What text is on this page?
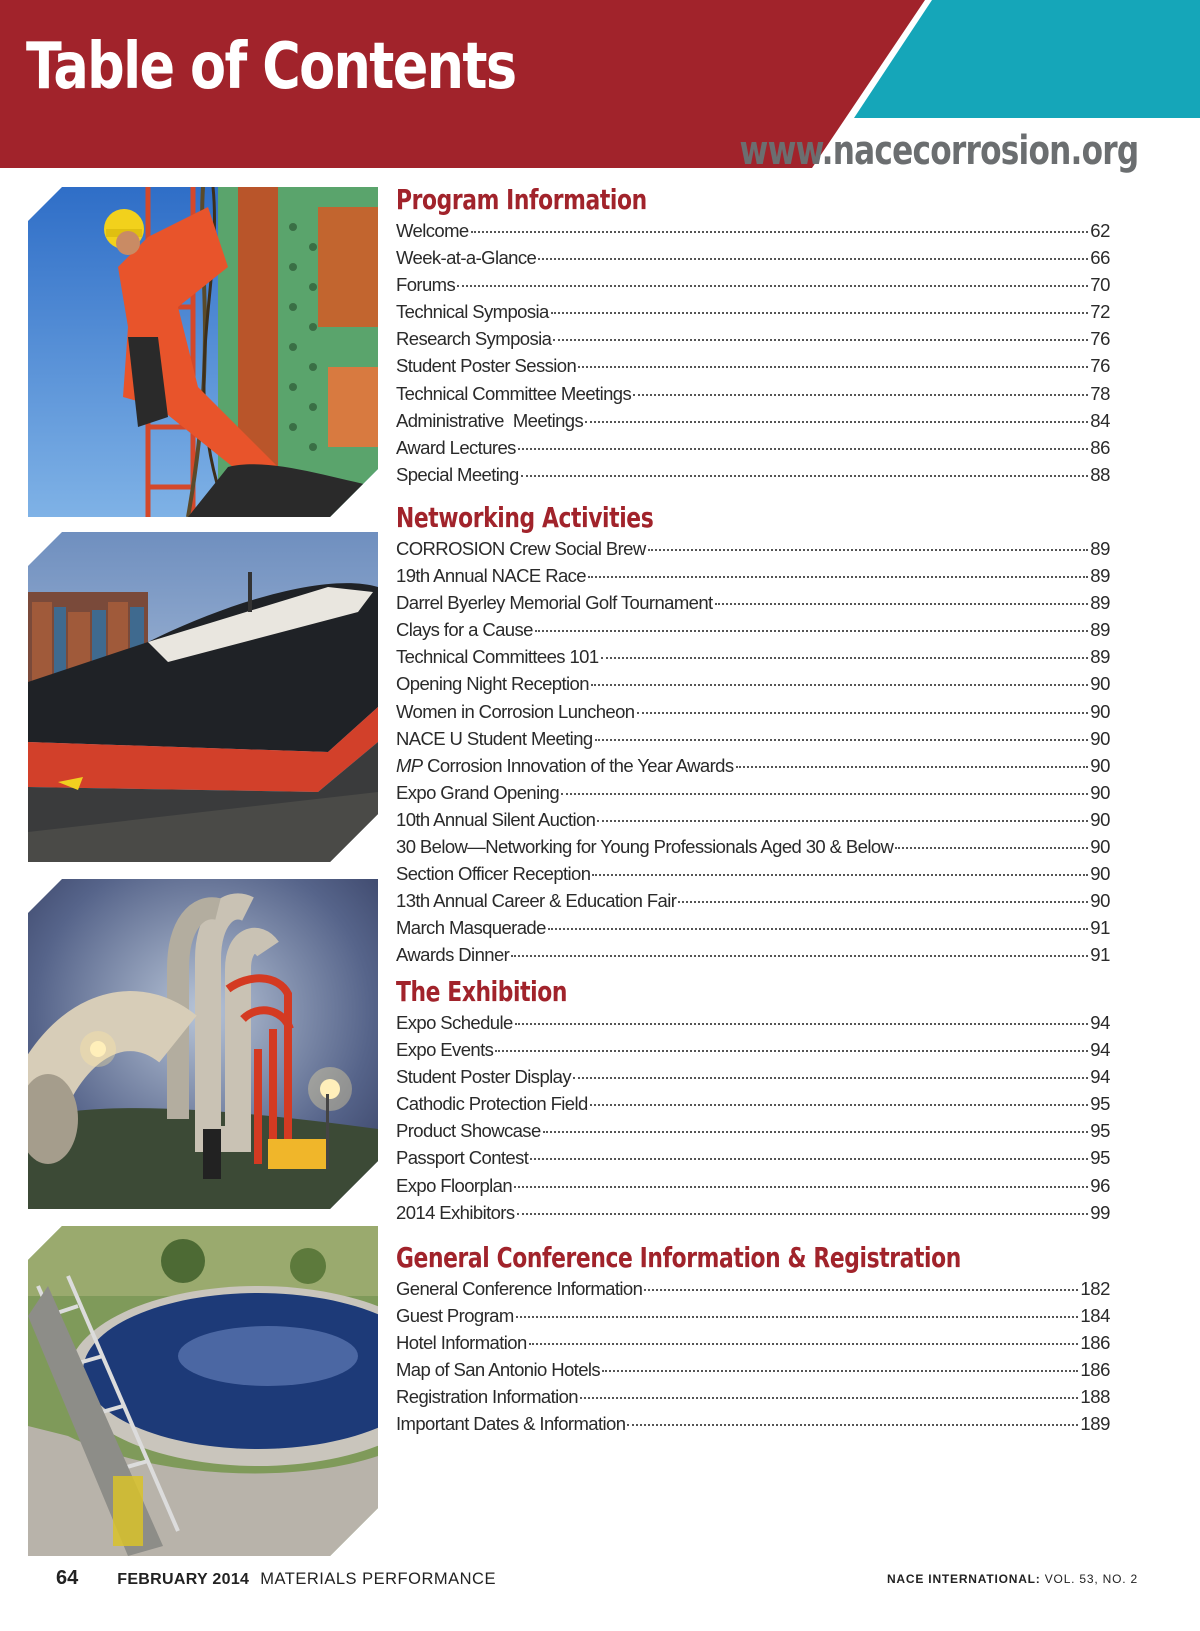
Table of Contents
www.nacecorrosion.org
Program Information
Welcome	62
Week-at-a-Glance	66
Forums	70
Technical Symposia	72
Research Symposia	76
Student Poster Session	76
Technical Committee Meetings	78
Administrative  Meetings	84
Award Lectures	86
Special Meeting	88
Networking Activities
CORROSION Crew Social Brew	89
19th Annual NACE Race	89
Darrel Byerley Memorial Golf Tournament	89
Clays for a Cause	89
Technical Committees 101	89
Opening Night Reception	90
Women in Corrosion Luncheon	90
NACE U Student Meeting	90
MP Corrosion Innovation of the Year Awards	90
Expo Grand Opening	90
10th Annual Silent Auction	90
30 Below—Networking for Young Professionals Aged 30 & Below	90
Section Officer Reception	90
13th Annual Career & Education Fair	90
March Masquerade	91
Awards Dinner	91
The Exhibition
Expo Schedule	94
Expo Events	94
Student Poster Display	94
Cathodic Protection Field	95
Product Showcase	95
Passport Contest	95
Expo Floorplan	96
2014 Exhibitors	99
General Conference Information & Registration
General Conference Information	182
Guest Program	184
Hotel Information	186
Map of San Antonio Hotels	186
Registration Information	188
Important Dates & Information	189
64 FEBRUARY 2014 MATERIALS PERFORMANCE	NACE INTERNATIONAL: VOL. 53, NO. 2
